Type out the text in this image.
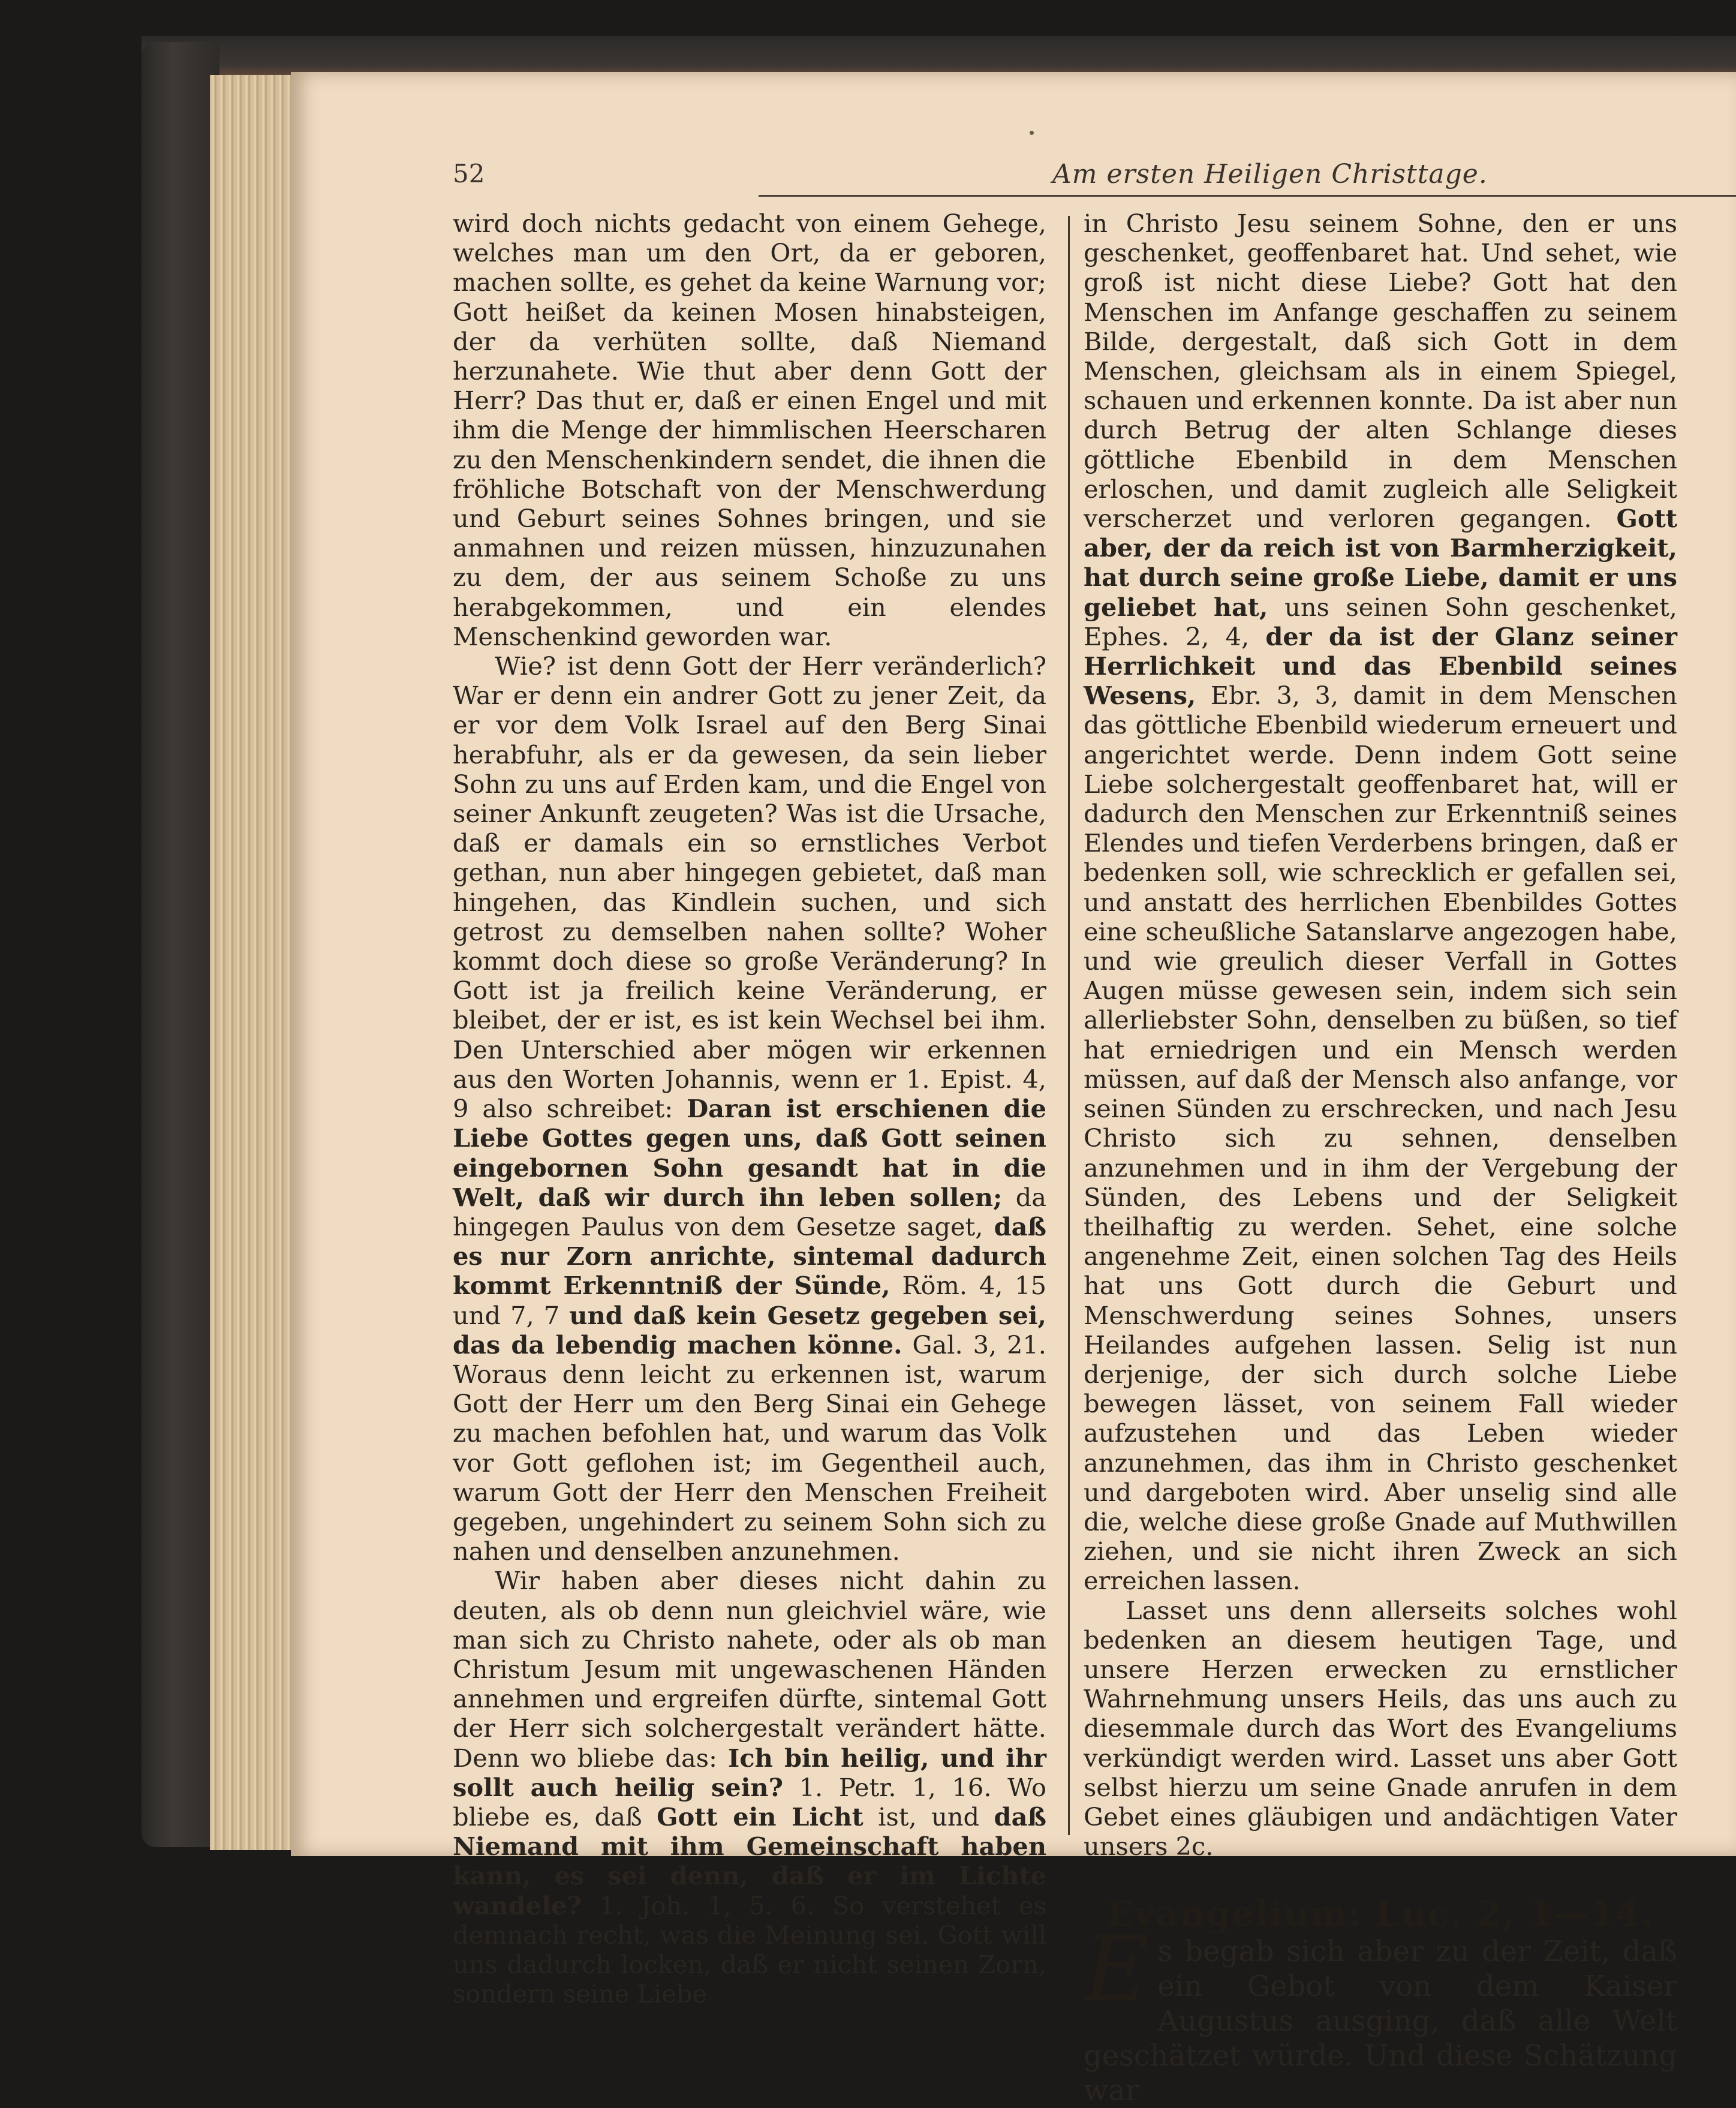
52	Am ersten Heiligen Christtage.

wird doch nichts gedacht von einem Gehege, welches man um den Ort, da er geboren, machen sollte, es gehet da keine Warnung vor; Gott heißet da keinen Mosen hinabsteigen, der da verhüten sollte, daß Niemand herzunahete. Wie thut aber denn Gott der Herr? Das thut er, daß er einen Engel und mit ihm die Menge der himmlischen Heerscharen zu den Menschenkindern sendet, die ihnen die fröhliche Botschaft von der Menschwerdung und Geburt seines Sohnes bringen, und sie anmahnen und reizen müssen, hinzuzunahen zu dem, der aus seinem Schoße zu uns herabgekommen, und ein elendes Menschenkind geworden war.

Wie? ist denn Gott der Herr veränderlich? War er denn ein andrer Gott zu jener Zeit, da er vor dem Volk Israel auf den Berg Sinai herabfuhr, als er da gewesen, da sein lieber Sohn zu uns auf Erden kam, und die Engel von seiner Ankunft zeugeten? Was ist die Ursache, daß er damals ein so ernstliches Verbot gethan, nun aber hingegen gebietet, daß man hingehen, das Kindlein suchen, und sich getrost zu demselben nahen sollte? Woher kommt doch diese so große Veränderung? In Gott ist ja freilich keine Veränderung, er bleibet, der er ist, es ist kein Wechsel bei ihm. Den Unterschied aber mögen wir erkennen aus den Worten Johannis, wenn er 1. Epist. 4, 9 also schreibet: Daran ist erschienen die Liebe Gottes gegen uns, daß Gott seinen eingebornen Sohn gesandt hat in die Welt, daß wir durch ihn leben sollen; da hingegen Paulus von dem Gesetze saget, daß es nur Zorn anrichte, sintemal dadurch kommt Erkenntniß der Sünde, Röm. 4, 15 und 7, 7 und daß kein Gesetz gegeben sei, das da lebendig machen könne. Gal. 3, 21. Woraus denn leicht zu erkennen ist, warum Gott der Herr um den Berg Sinai ein Gehege zu machen befohlen hat, und warum das Volk vor Gott geflohen ist; im Gegentheil auch, warum Gott der Herr den Menschen Freiheit gegeben, ungehindert zu seinem Sohn sich zu nahen und denselben anzunehmen.

Wir haben aber dieses nicht dahin zu deuten, als ob denn nun gleichviel wäre, wie man sich zu Christo nahete, oder als ob man Christum Jesum mit ungewaschenen Händen annehmen und ergreifen dürfte, sintemal Gott der Herr sich solchergestalt verändert hätte. Denn wo bliebe das: Ich bin heilig, und ihr sollt auch heilig sein? 1. Petr. 1, 16. Wo bliebe es, daß Gott ein Licht ist, und daß Niemand mit ihm Gemeinschaft haben kann, es sei denn, daß er im Lichte wandele? 1. Joh. 1, 5. 6. So verstehet es demnach recht, was die Meinung sei. Gott will uns dadurch locken, daß er nicht seinen Zorn, sondern seine Liebe

in Christo Jesu seinem Sohne, den er uns geschenket, geoffenbaret hat. Und sehet, wie groß ist nicht diese Liebe? Gott hat den Menschen im Anfange geschaffen zu seinem Bilde, dergestalt, daß sich Gott in dem Menschen, gleichsam als in einem Spiegel, schauen und erkennen konnte. Da ist aber nun durch Betrug der alten Schlange dieses göttliche Ebenbild in dem Menschen erloschen, und damit zugleich alle Seligkeit verscherzet und verloren gegangen. Gott aber, der da reich ist von Barmherzigkeit, hat durch seine große Liebe, damit er uns geliebet hat, uns seinen Sohn geschenket, Ephes. 2, 4, der da ist der Glanz seiner Herrlichkeit und das Ebenbild seines Wesens, Ebr. 3, 3, damit in dem Menschen das göttliche Ebenbild wiederum erneuert und angerichtet werde. Denn indem Gott seine Liebe solchergestalt geoffenbaret hat, will er dadurch den Menschen zur Erkenntniß seines Elendes und tiefen Verderbens bringen, daß er bedenken soll, wie schrecklich er gefallen sei, und anstatt des herrlichen Ebenbildes Gottes eine scheußliche Satanslarve angezogen habe, und wie greulich dieser Verfall in Gottes Augen müsse gewesen sein, indem sich sein allerliebster Sohn, denselben zu büßen, so tief hat erniedrigen und ein Mensch werden müssen, auf daß der Mensch also anfange, vor seinen Sünden zu erschrecken, und nach Jesu Christo sich zu sehnen, denselben anzunehmen und in ihm der Vergebung der Sünden, des Lebens und der Seligkeit theilhaftig zu werden. Sehet, eine solche angenehme Zeit, einen solchen Tag des Heils hat uns Gott durch die Geburt und Menschwerdung seines Sohnes, unsers Heilandes aufgehen lassen. Selig ist nun derjenige, der sich durch solche Liebe bewegen lässet, von seinem Fall wieder aufzustehen und das Leben wieder anzunehmen, das ihm in Christo geschenket und dargeboten wird. Aber unselig sind alle die, welche diese große Gnade auf Muthwillen ziehen, und sie nicht ihren Zweck an sich erreichen lassen.

Lasset uns denn allerseits solches wohl bedenken an diesem heutigen Tage, und unsere Herzen erwecken zu ernstlicher Wahrnehmung unsers Heils, das uns auch zu diesemmale durch das Wort des Evangeliums verkündigt werden wird. Lasset uns aber Gott selbst hierzu um seine Gnade anrufen in dem Gebet eines gläubigen und andächtigen Vater unsers 2c.

Evangelium: Luc. 2, 1—14.
Es begab sich aber zu der Zeit, daß ein Gebot von dem Kaiser Augustus ausging, daß alle Welt geschätzet würde. Und diese Schätzung war
